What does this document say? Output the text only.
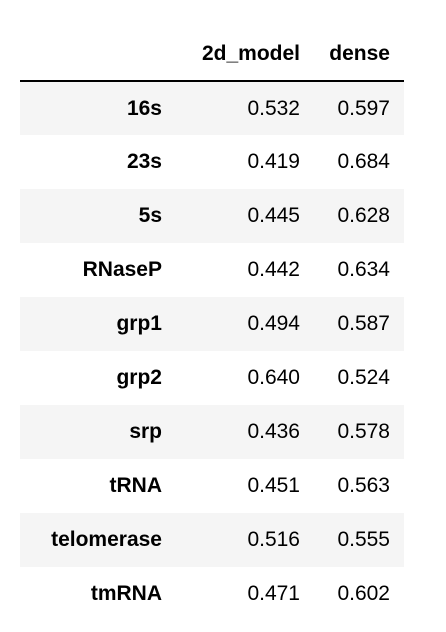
	2d_model	dense
16s	0.532	0.597
23s	0.419	0.684
5s	0.445	0.628
RNaseP	0.442	0.634
grp1	0.494	0.587
grp2	0.640	0.524
srp	0.436	0.578
tRNA	0.451	0.563
telomerase	0.516	0.555
tmRNA	0.471	0.602
